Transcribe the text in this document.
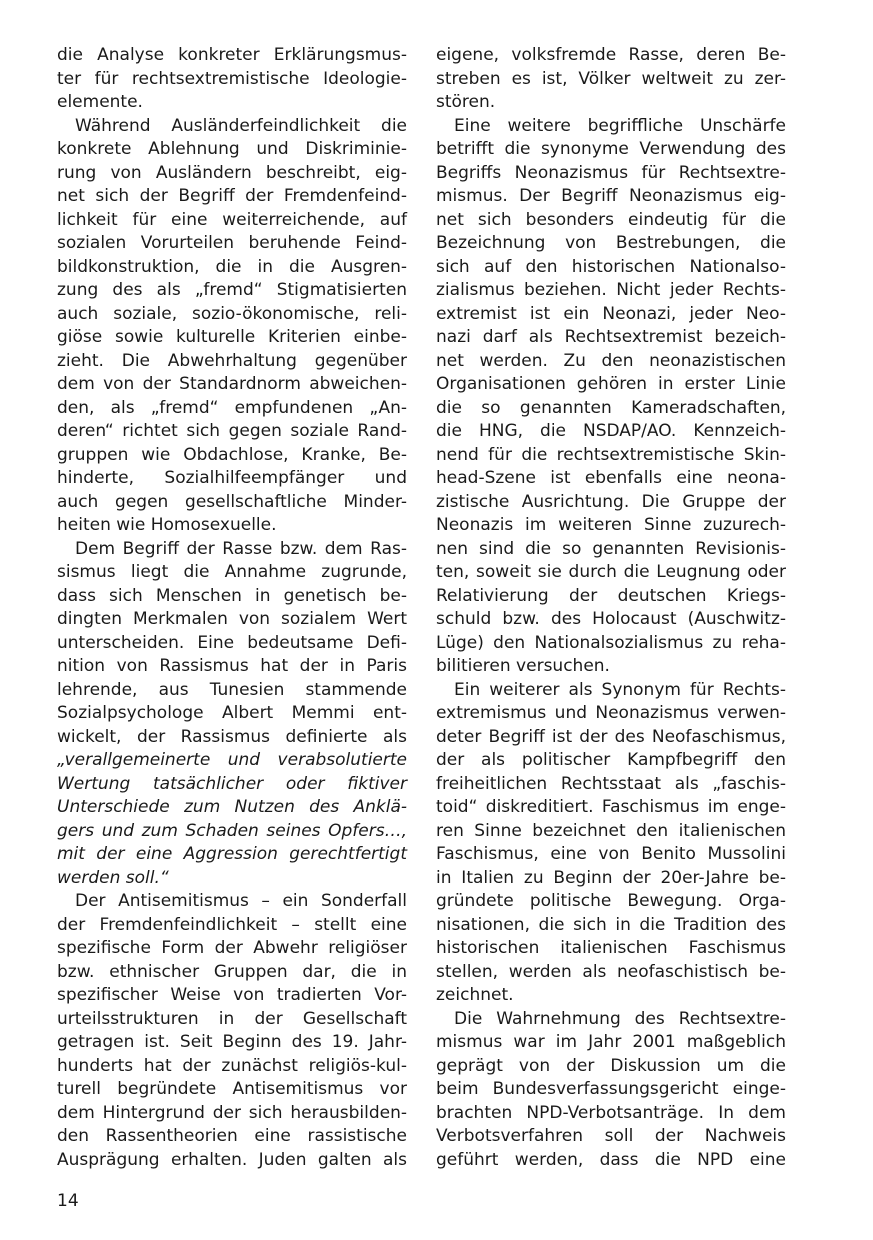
die Analyse konkreter Erklärungsmus-
ter für rechtsextremistische Ideologie-
elemente.
Während Ausländerfeindlichkeit die
konkrete Ablehnung und Diskriminie-
rung von Ausländern beschreibt, eig-
net sich der Begriff der Fremdenfeind-
lichkeit für eine weiterreichende, auf
sozialen Vorurteilen beruhende Feind-
bildkonstruktion, die in die Ausgren-
zung des als „fremd“ Stigmatisierten
auch soziale, sozio-ökonomische, reli-
giöse sowie kulturelle Kriterien einbe-
zieht. Die Abwehrhaltung gegenüber
dem von der Standardnorm abweichen-
den, als „fremd“ empfundenen „An-
deren“ richtet sich gegen soziale Rand-
gruppen wie Obdachlose, Kranke, Be-
hinderte, Sozialhilfeempfänger und
auch gegen gesellschaftliche Minder-
heiten wie Homosexuelle.
Dem Begriff der Rasse bzw. dem Ras-
sismus liegt die Annahme zugrunde,
dass sich Menschen in genetisch be-
dingten Merkmalen von sozialem Wert
unterscheiden. Eine bedeutsame Defi-
nition von Rassismus hat der in Paris
lehrende, aus Tunesien stammende
Sozialpsychologe Albert Memmi ent-
wickelt, der Rassismus definierte als
„verallgemeinerte und verabsolutierte
Wertung tatsächlicher oder fiktiver
Unterschiede zum Nutzen des Anklä-
gers und zum Schaden seines Opfers…,
mit der eine Aggression gerechtfertigt
werden soll.“
Der Antisemitismus – ein Sonderfall
der Fremdenfeindlichkeit – stellt eine
spezifische Form der Abwehr religiöser
bzw. ethnischer Gruppen dar, die in
spezifischer Weise von tradierten Vor-
urteilsstrukturen in der Gesellschaft
getragen ist. Seit Beginn des 19. Jahr-
hunderts hat der zunächst religiös-kul-
turell begründete Antisemitismus vor
dem Hintergrund der sich herausbilden-
den Rassentheorien eine rassistische
Ausprägung erhalten. Juden galten als
eigene, volksfremde Rasse, deren Be-
streben es ist, Völker weltweit zu zer-
stören.
Eine weitere begriffliche Unschärfe
betrifft die synonyme Verwendung des
Begriffs Neonazismus für Rechtsextre-
mismus. Der Begriff Neonazismus eig-
net sich besonders eindeutig für die
Bezeichnung von Bestrebungen, die
sich auf den historischen Nationalso-
zialismus beziehen. Nicht jeder Rechts-
extremist ist ein Neonazi, jeder Neo-
nazi darf als Rechtsextremist bezeich-
net werden. Zu den neonazistischen
Organisationen gehören in erster Linie
die so genannten Kameradschaften,
die HNG, die NSDAP/AO. Kennzeich-
nend für die rechtsextremistische Skin-
head-Szene ist ebenfalls eine neona-
zistische Ausrichtung. Die Gruppe der
Neonazis im weiteren Sinne zuzurech-
nen sind die so genannten Revisionis-
ten, soweit sie durch die Leugnung oder
Relativierung der deutschen Kriegs-
schuld bzw. des Holocaust (Auschwitz-
Lüge) den Nationalsozialismus zu reha-
bilitieren versuchen.
Ein weiterer als Synonym für Rechts-
extremismus und Neonazismus verwen-
deter Begriff ist der des Neofaschismus,
der als politischer Kampfbegriff den
freiheitlichen Rechtsstaat als „faschis-
toid“ diskreditiert. Faschismus im enge-
ren Sinne bezeichnet den italienischen
Faschismus, eine von Benito Mussolini
in Italien zu Beginn der 20er-Jahre be-
gründete politische Bewegung. Orga-
nisationen, die sich in die Tradition des
historischen italienischen Faschismus
stellen, werden als neofaschistisch be-
zeichnet.
Die Wahrnehmung des Rechtsextre-
mismus war im Jahr 2001 maßgeblich
geprägt von der Diskussion um die
beim Bundesverfassungsgericht einge-
brachten NPD-Verbotsanträge. In dem
Verbotsverfahren soll der Nachweis
geführt werden, dass die NPD eine
14
